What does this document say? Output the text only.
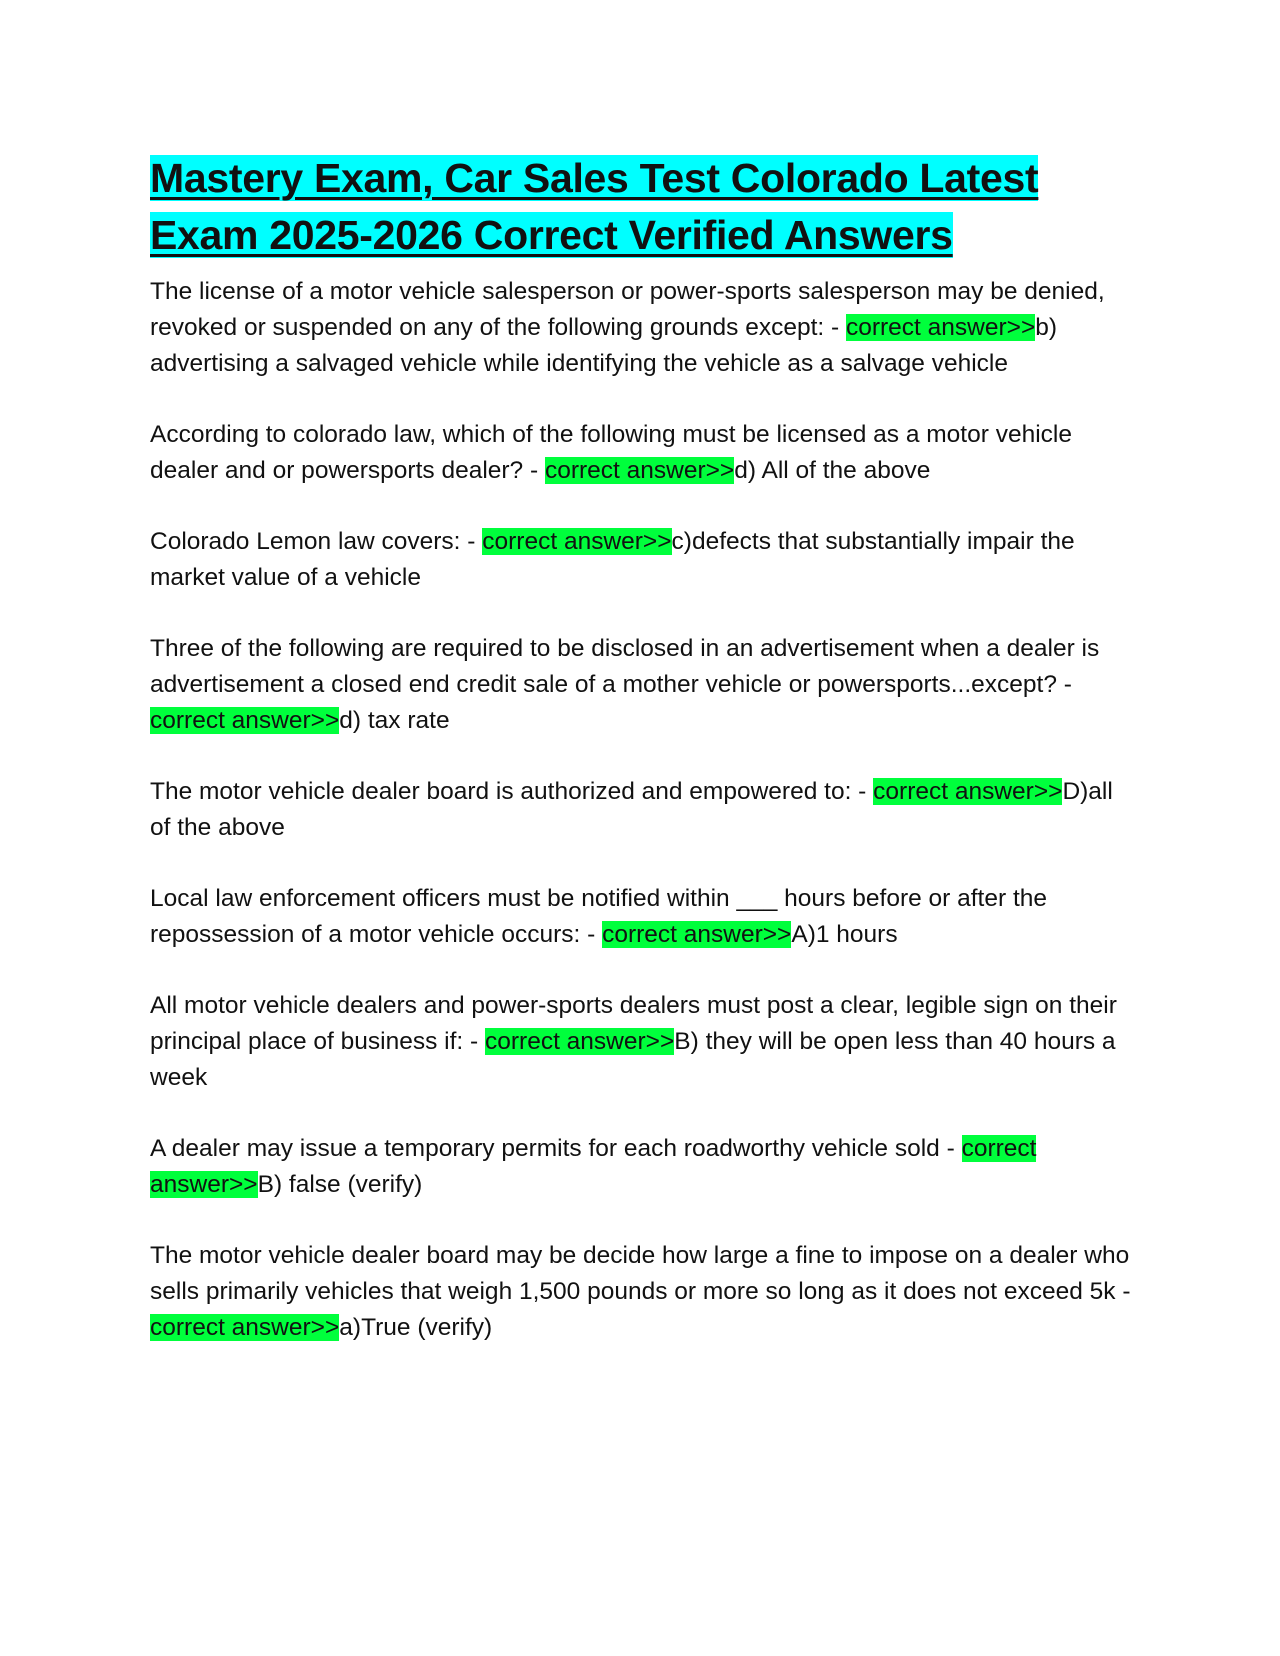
Mastery Exam, Car Sales Test Colorado Latest Exam 2025-2026 Correct Verified Answers

The license of a motor vehicle salesperson or power-sports salesperson may be denied, revoked or suspended on any of the following grounds except: - correct answer>>b) advertising a salvaged vehicle while identifying the vehicle as a salvage vehicle

According to colorado law, which of the following must be licensed as a motor vehicle dealer and or powersports dealer? - correct answer>>d) All of the above

Colorado Lemon law covers: - correct answer>>c)defects that substantially impair the market value of a vehicle

Three of the following are required to be disclosed in an advertisement when a dealer is advertisement a closed end credit sale of a mother vehicle or powersports...except? - correct answer>>d) tax rate

The motor vehicle dealer board is authorized and empowered to: - correct answer>>D)all of the above

Local law enforcement officers must be notified within ___ hours before or after the repossession of a motor vehicle occurs: - correct answer>>A)1 hours

All motor vehicle dealers and power-sports dealers must post a clear, legible sign on their principal place of business if: - correct answer>>B) they will be open less than 40 hours a week

A dealer may issue a temporary permits for each roadworthy vehicle sold - correct answer>>B) false (verify)

The motor vehicle dealer board may be decide how large a fine to impose on a dealer who sells primarily vehicles that weigh 1,500 pounds or more so long as it does not exceed 5k - correct answer>>a)True (verify)
